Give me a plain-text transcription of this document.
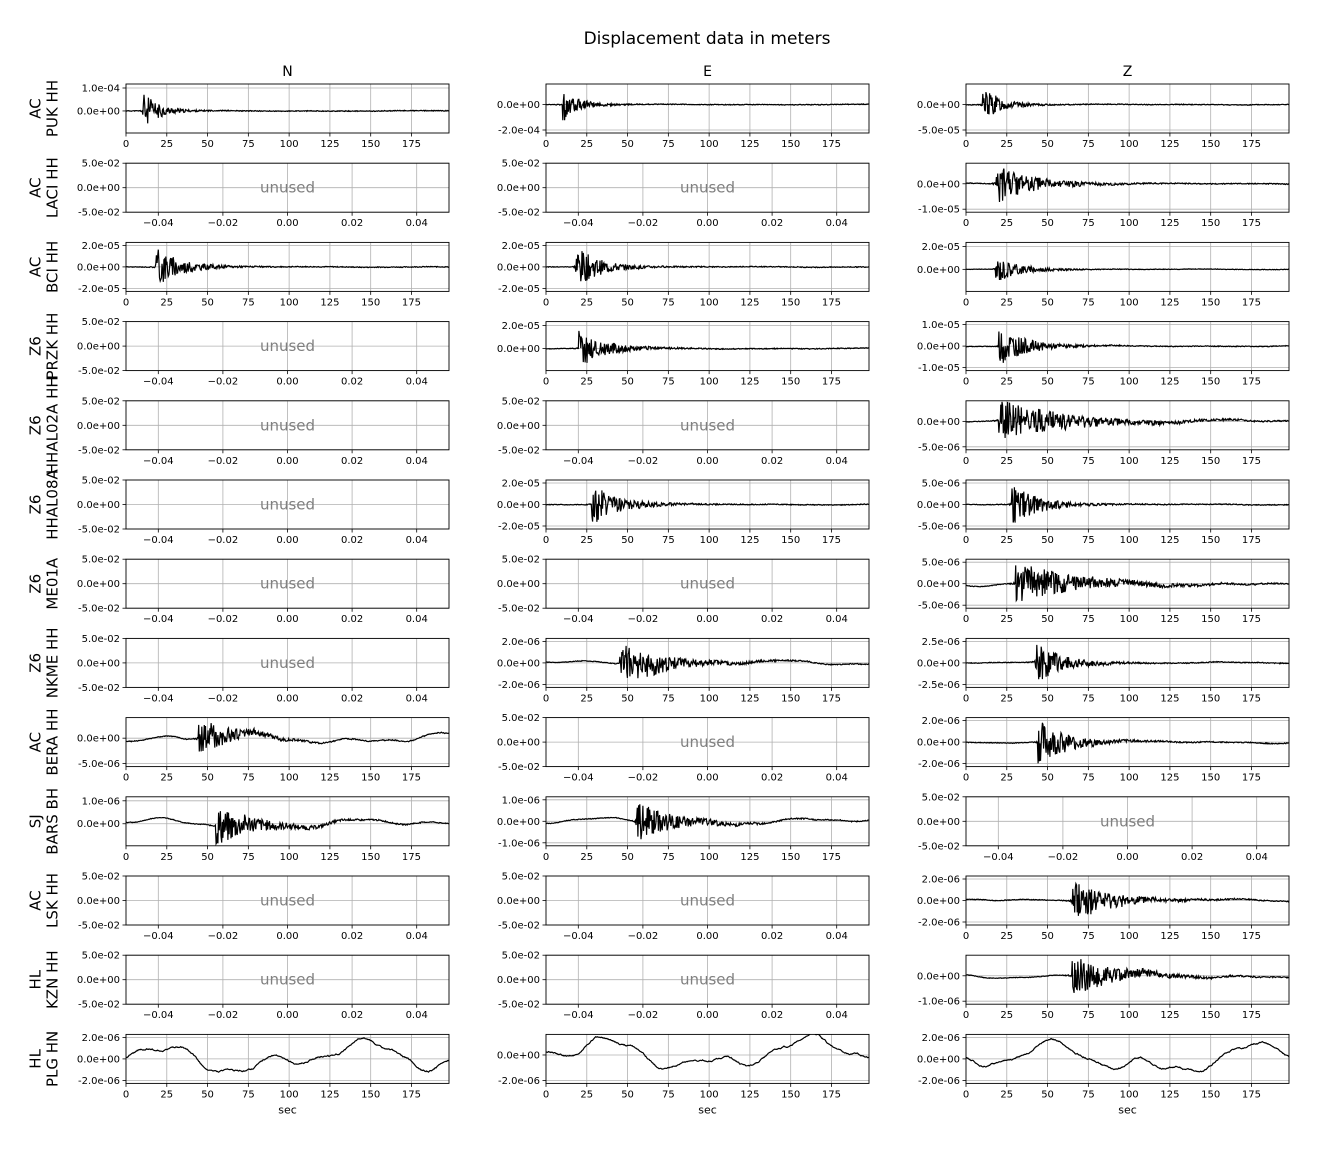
Displacement data in meters
N	E	Z
AC PUK HH
0	25	50	75 100 125 150 175
1.0e-04
0.0e+00
0	25	50	75 100 125 150 175
0.0e+00
-2.0e-04
0	25	50	75 100 125 150 175
0.0e+00
-5.0e-05
AC LACI HH
−0.04	−0.02	0.00	0.02	0.04
5.0e-02
0.0e+00
-5.0e-02
unused
−0.04	−0.02	0.00	0.02	0.04
5.0e-02
0.0e+00
-5.0e-02
unused
0	25	50	75 100 125 150 175
0.0e+00
-1.0e-05
AC BCI HH
0	25	50	75 100 125 150 175
2.0e-05
0.0e+00
-2.0e-05
0	25	50	75 100 125 150 175
2.0e-05
0.0e+00
-2.0e-05
0	25	50	75 100 125 150 175
2.0e-05
0.0e+00
Z6 PRZK HH
−0.04	−0.02	0.00	0.02	0.04
5.0e-02
0.0e+00
-5.0e-02
unused
0	25	50	75 100 125 150 175
2.0e-05
0.0e+00
0	25	50	75 100 125 150 175
1.0e-05
0.0e+00
-1.0e-05
Z6 HHAL02A HH	−0.04	−0.02	0.00	0.02	0.04
5.0e-02
0.0e+00
-5.0e-02
unused
−0.04	−0.02	0.00	0.02	0.04
5.0e-02
0.0e+00
-5.0e-02
unused
0	25	50	75 100 125 150 175
0.0e+00
-5.0e-06
Z6 HHAL08A
−0.04	−0.02	0.00	0.02	0.04
5.0e-02
0.0e+00
-5.0e-02
unused
0	25	50	75 100 125 150 175
2.0e-05
0.0e+00
-2.0e-05
0	25	50	75 100 125 150 175
5.0e-06
0.0e+00
-5.0e-06
Z6 ME01A
−0.04	−0.02	0.00	0.02	0.04
5.0e-02
0.0e+00
-5.0e-02
unused
−0.04	−0.02	0.00	0.02	0.04
5.0e-02
0.0e+00
-5.0e-02
unused
0	25	50	75 100 125 150 175
5.0e-06
0.0e+00
-5.0e-06
Z6 NKME HH
−0.04	−0.02	0.00	0.02	0.04
5.0e-02
0.0e+00
-5.0e-02
unused
0	25	50	75 100 125 150 175
2.0e-06
0.0e+00
-2.0e-06
0	25	50	75 100 125 150 175
2.5e-06
0.0e+00
-2.5e-06
AC BERA HH
0	25	50	75 100 125 150 175
0.0e+00
-5.0e-06
−0.04	−0.02	0.00	0.02	0.04
5.0e-02
0.0e+00
-5.0e-02
unused
0	25	50	75 100 125 150 175
2.0e-06
0.0e+00
-2.0e-06
SJ BARS BH
0	25	50	75 100 125 150 175
1.0e-06
0.0e+00
0	25	50	75 100 125 150 175
1.0e-06
0.0e+00
-1.0e-06
−0.04	−0.02	0.00	0.02	0.04
5.0e-02
0.0e+00
-5.0e-02
unused
AC LSK HH
−0.04	−0.02	0.00	0.02	0.04
5.0e-02
0.0e+00
-5.0e-02
unused
−0.04	−0.02	0.00	0.02	0.04
5.0e-02
0.0e+00
-5.0e-02
unused
0	25	50	75 100 125 150 175
2.0e-06
0.0e+00
-2.0e-06
HL KZN HH
−0.04	−0.02	0.00	0.02	0.04
5.0e-02
0.0e+00
-5.0e-02
unused
−0.04	−0.02	0.00	0.02	0.04
5.0e-02
0.0e+00
-5.0e-02
unused
0	25	50	75 100 125 150 175
0.0e+00
-1.0e-06
HL PLG HN
0	25	50	75 100 125 150 175
2.0e-06
0.0e+00
-2.0e-06
sec
0	25	50	75 100 125 150 175
0.0e+00
-2.0e-06
sec
0	25	50	75 100 125 150 175
2.0e-06
0.0e+00
-2.0e-06
sec
